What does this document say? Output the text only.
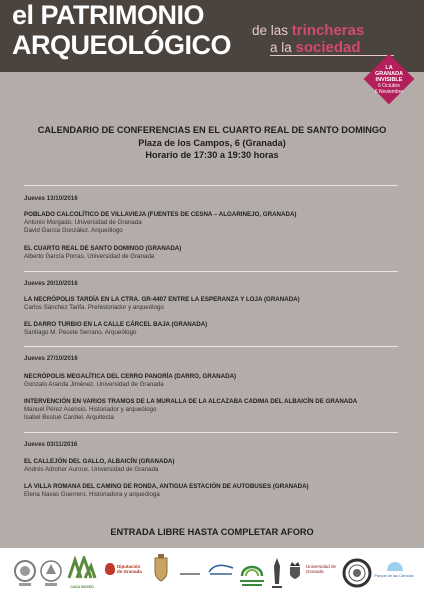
el PATRIMONIO
ARQUEOLÓGICO de las trincheras
a la sociedad
LA
GRANADA
INVISIBLE
6 Octubre
6 Noviembre
CALENDARIO DE CONFERENCIAS EN EL CUARTO REAL DE SANTO DOMINGO
Plaza de los Campos, 6 (Granada)
Horario de 17:30 a 19:30 horas
Jueves 13/10/2016
POBLADO CALCOLÍTICO DE VILLAVIEJA (FUENTES DE CESNA – ALGARINEJO, GRANADA)
Antonio Morgado. Universidad de Granada
David García González. Arqueólogo
EL CUARTO REAL DE SANTO DOMINGO (GRANADA)
Alberto García Porras. Universidad de Granada
Jueves 20/10/2016
LA NECRÓPOLIS TARDÍA EN LA CTRA. GR-4407 ENTRE LA ESPERANZA Y LOJA (GRANADA)
Carlos Sánchez Tarifa. Prehistoriador y arqueólogo
EL DARRO TURBIO EN LA CALLE CÁRCEL BAJA (GRANADA)
Santiago M. Pecete Serrano. Arqueólogo
Jueves 27/10/2016
NECRÓPOLIS MEGALÍTICA DEL CERRO PANORÍA (DARRO, GRANADA)
Gonzalo Aranda Jiménez. Universidad de Granada
INTERVENCIÓN EN VARIOS TRAMOS DE LA MURALLA DE LA ALCAZABA CADIMA DEL ALBAICÍN DE GRANADA
Manuel Pérez Asensio. Historiador y arqueólogo
Isabel Bestué Cardiel. Arquitecta
Jueves 03/11/2016
EL CALLEJÓN DEL GALLO, ALBAICÍN (GRANADA)
Andrés Adroher Auroux. Universidad de Granada
LA VILLA ROMANA DEL CAMINO DE RONDA, ANTIGUA ESTACIÓN DE AUTOBUSES (GRANADA)
Elena Navas Guerrero. Historiadora y arqueóloga
ENTRADA LIBRE HASTA COMPLETAR AFORO
CASA MUSEO
Diputación de Granada
Universidad de Granada
Parque de las Ciencias
